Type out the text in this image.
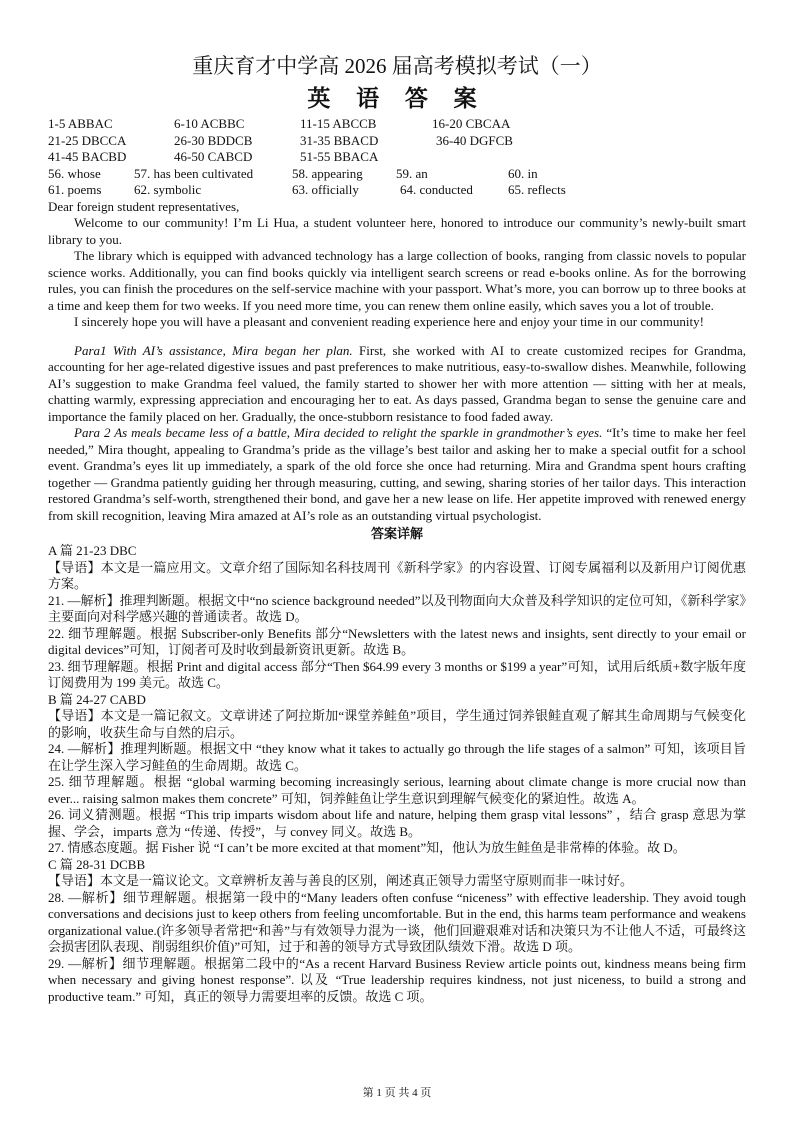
重庆育才中学高 2026 届高考模拟考试（一）
英 语 答 案
1-5 ABBAC	6-10 ACBBC	11-15 ABCCB	16-20 CBCAA
21-25 DBCCA	26-30 BDDCB	31-35 BBACD	36-40 DGFCB
41-45 BACBD	46-50 CABCD	51-55 BBACA
56. whose	57. has been cultivated	58. appearing	59. an	60. in
61. poems	62. symbolic	63. officially	64. conducted	65. reflects

Dear foreign student representatives,

Welcome to our community! I’m Li Hua, a student volunteer here, honored to introduce our community’s newly-built smart library to you.

The library which is equipped with advanced technology has a large collection of books, ranging from classic novels to popular science works. Additionally, you can find books quickly via intelligent search screens or read e-books online. As for the borrowing rules, you can finish the procedures on the self-service machine with your passport. What’s more, you can borrow up to three books at a time and keep them for two weeks. If you need more time, you can renew them online easily, which saves you a lot of trouble.

I sincerely hope you will have a pleasant and convenient reading experience here and enjoy your time in our community!

Para1 With AI’s assistance, Mira began her plan. First, she worked with AI to create customized recipes for Grandma, accounting for her age-related digestive issues and past preferences to make nutritious, easy-to-swallow dishes. Meanwhile, following AI’s suggestion to make Grandma feel valued, the family started to shower her with more attention — sitting with her at meals, chatting warmly, expressing appreciation and encouraging her to eat. As days passed, Grandma began to sense the genuine care and importance the family placed on her. Gradually, the once-stubborn resistance to food faded away.

Para 2 As meals became less of a battle, Mira decided to relight the sparkle in grandmother’s eyes. “It’s time to make her feel needed,” Mira thought, appealing to Grandma’s pride as the village’s best tailor and asking her to make a special outfit for a school event. Grandma’s eyes lit up immediately, a spark of the old force she once had returning. Mira and Grandma spent hours crafting together — Grandma patiently guiding her through measuring, cutting, and sewing, sharing stories of her tailor days. This interaction restored Grandma’s self-worth, strengthened their bond, and gave her a new lease on life. Her appetite improved with renewed energy from skill recognition, leaving Mira amazed at AI’s role as an outstanding virtual psychologist.

答案详解

A 篇 21-23 DBC

【导语】本文是一篇应用文。文章介绍了国际知名科技周刊《新科学家》的内容设置、订阅专属福利以及新用户订阅优惠方案。

21. —解析】推理判断题。根据文中“no science background needed”以及刊物面向大众普及科学知识的定位可知，《新科学家》主要面向对科学感兴趣的普通读者。故选 D。

22. 细节理解题。根据 Subscriber-only Benefits 部分“Newsletters with the latest news and insights, sent directly to your email or digital devices”可知，订阅者可及时收到最新资讯更新。故选 B。

23. 细节理解题。根据 Print and digital access 部分“Then $64.99 every 3 months or $199 a year”可知，试用后纸质+数字版年度订阅费用为 199 美元。故选 C。

B 篇 24-27 CABD

【导语】本文是一篇记叙文。文章讲述了阿拉斯加“课堂养鲑鱼”项目，学生通过饲养银鲑直观了解其生命周期与气候变化的影响，收获生命与自然的启示。

24. —解析】推理判断题。根据文中 “they know what it takes to actually go through the life stages of a salmon” 可知，该项目旨在让学生深入学习鲑鱼的生命周期。故选 C。

25. 细节理解题。根据 “global warming becoming increasingly serious, learning about climate change is more crucial now than ever... raising salmon makes them concrete” 可知，饲养鲑鱼让学生意识到理解气候变化的紧迫性。故选 A。

26. 词义猜测题。根据 “This trip imparts wisdom about life and nature, helping them grasp vital lessons” ，结合 grasp 意思为掌握、学会，imparts 意为 “传递、传授”，与 convey 同义。故选 B。

27. 情感态度题。据 Fisher 说 “I can’t be more excited at that moment”知，他认为放生鲑鱼是非常棒的体验。故 D。

C 篇 28-31 DCBB

【导语】本文是一篇议论文。文章辨析友善与善良的区别，阐述真正领导力需坚守原则而非一味讨好。

28. —解析】细节理解题。根据第一段中的“Many leaders often confuse “niceness” with effective leadership. They avoid tough conversations and decisions just to keep others from feeling uncomfortable. But in the end, this harms team performance and weakens organizational value.(许多领导者常把“和善”与有效领导力混为一谈，他们回避艰难对话和决策只为不让他人不适，可最终这会损害团队表现、削弱组织价值)”可知，过于和善的领导方式导致团队绩效下滑。故选 D 项。

29. —解析】细节理解题。根据第二段中的“As a recent Harvard Business Review article points out, kindness means being firm when necessary and giving honest response”. 以及 “True leadership requires kindness, not just niceness, to build a strong and productive team.” 可知，真正的领导力需要坦率的反馈。故选 C 项。

第 1 页 共 4 页
